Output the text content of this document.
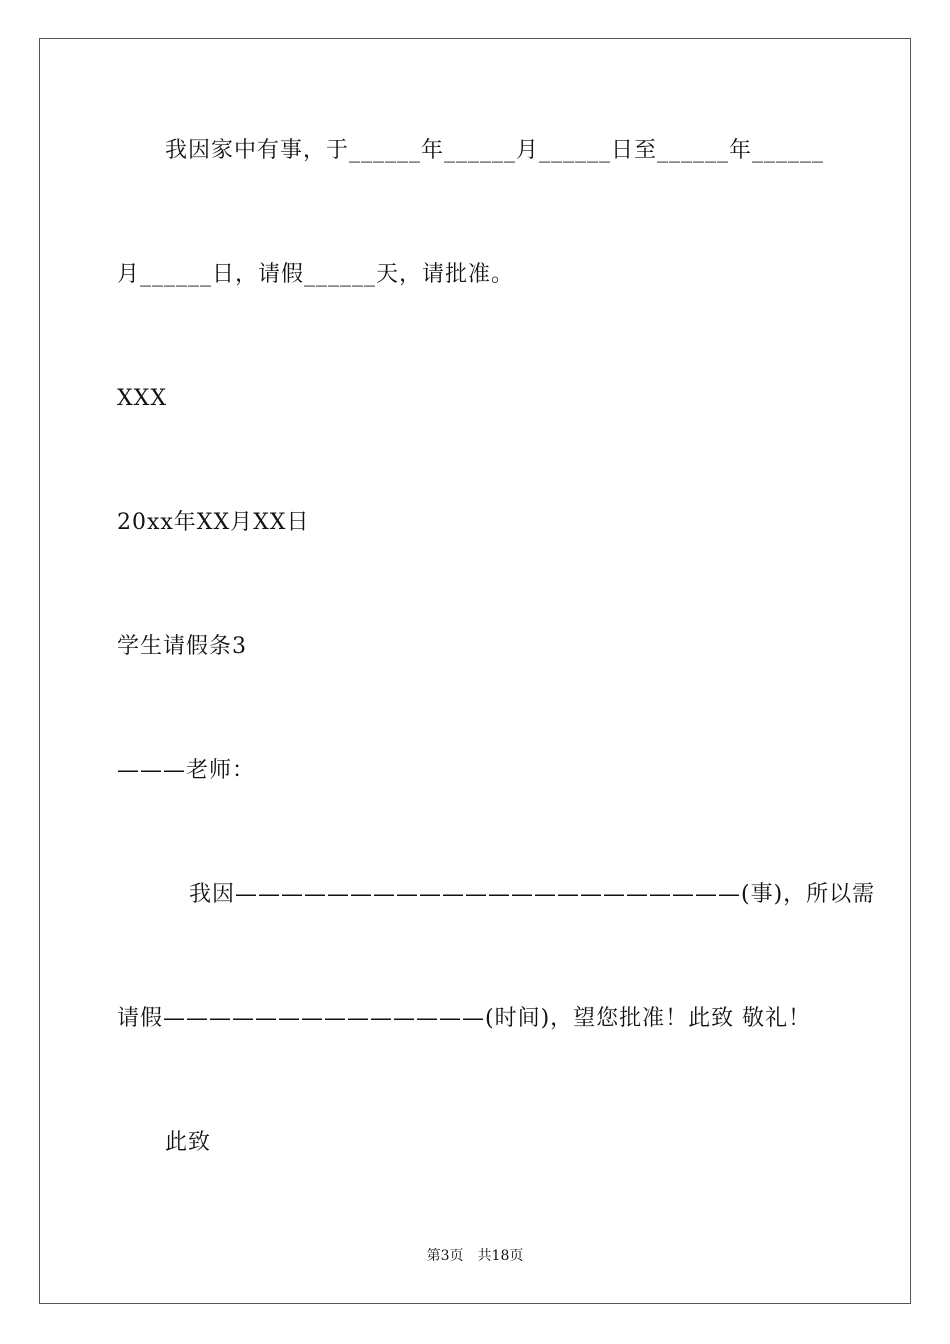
我因家中有事，于______年______月______日至______年______
月______日，请假______天，请批准。
XXX
20xx年XX月XX日
学生请假条3
———老师：
我因——————————————————————(事)，所以需
请假——————————————(时间)，望您批准！此致 敬礼！
此致
第3页　共18页
